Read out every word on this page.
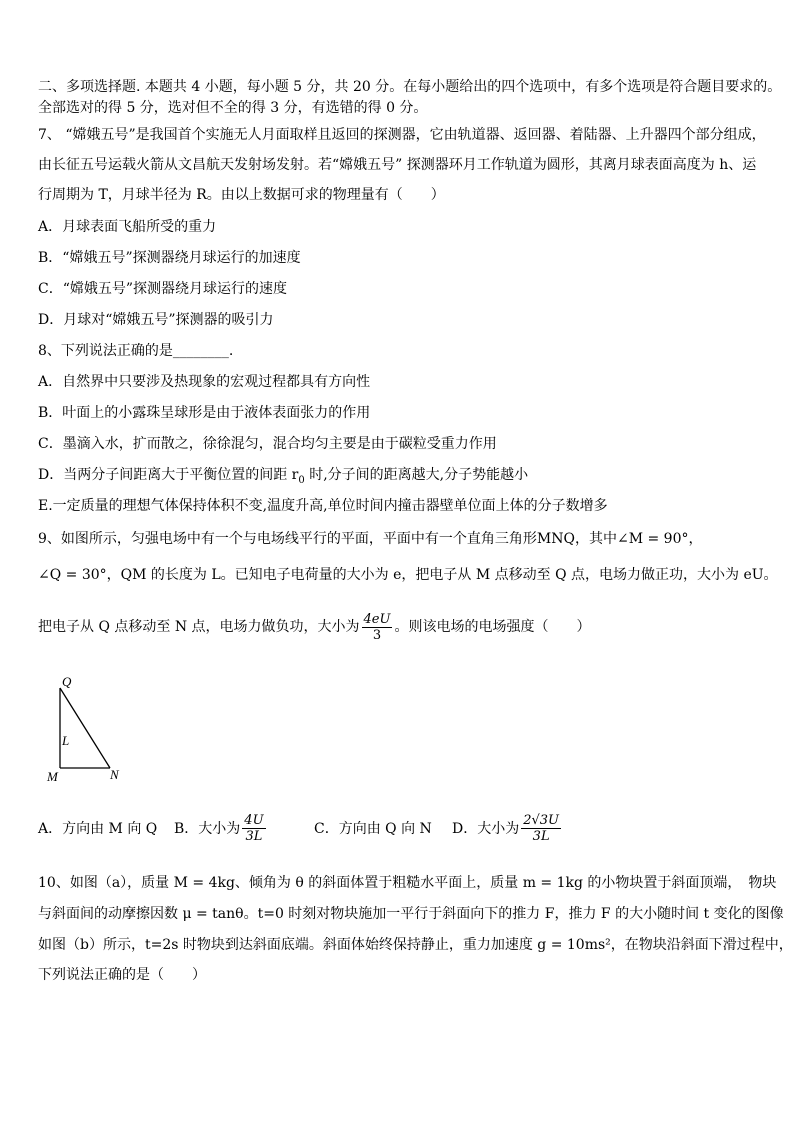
二、多项选择题. 本题共 4 小题，每小题 5 分，共 20 分。在每小题给出的四个选项中，有多个选项是符合题目要求的。
全部选对的得 5 分，选对但不全的得 3 分，有选错的得 0 分。
7、 “嫦娥五号”是我国首个实施无人月面取样且返回的探测器，它由轨道器、返回器、着陆器、上升器四个部分组成，
由长征五号运载火箭从文昌航天发射场发射。若“嫦娥五号” 探测器环月工作轨道为圆形，其离月球表面高度为 h、运
行周期为 T，月球半径为 R。由以上数据可求的物理量有（　　）
A．月球表面飞船所受的重力
B．“嫦娥五号”探测器绕月球运行的加速度
C．“嫦娥五号”探测器绕月球运行的速度
D．月球对“嫦娥五号”探测器的吸引力
8、下列说法正确的是________.
A．自然界中只要涉及热现象的宏观过程都具有方向性
B．叶面上的小露珠呈球形是由于液体表面张力的作用
C．墨滴入水，扩而散之，徐徐混匀，混合均匀主要是由于碳粒受重力作用
D．当两分子间距离大于平衡位置的间距 $r_0$ 时,分子间的距离越大,分子势能越小
E.一定质量的理想气体保持体积不变,温度升高,单位时间内撞击器壁单位面上体的分子数增多
9、如图所示，匀强电场中有一个与电场线平行的平面，平面中有一个直角三角形MNQ，其中∠M = 90°，
∠Q = 30°，QM 的长度为 L。已知电子电荷量的大小为 e，把电子从 M 点移动至 Q 点，电场力做正功，大小为 eU。
把电子从 Q 点移动至 N 点，电场力做负功，大小为 $\frac{4eU}{3}$ 。则该电场的电场强度（　　）
Q
L
M	N
A．方向由 M 向 Q	B．大小为 $\frac{4U}{3L}$	C．方向由 Q 向 N	D．大小为 $\frac{2√3U}{3L}$
10、如图（a），质量 M = 4kg、倾角为 θ 的斜面体置于粗糙水平面上，质量 m = 1kg 的小物块置于斜面顶端，　物块
与斜面间的动摩擦因数 μ = tanθ。t=0 时刻对物块施加一平行于斜面向下的推力 F，推力 F 的大小随时间 t 变化的图像
如图（b）所示，t=2s 时物块到达斜面底端。斜面体始终保持静止，重力加速度 g = 10ms²，在物块沿斜面下滑过程中，
下列说法正确的是（　　）
